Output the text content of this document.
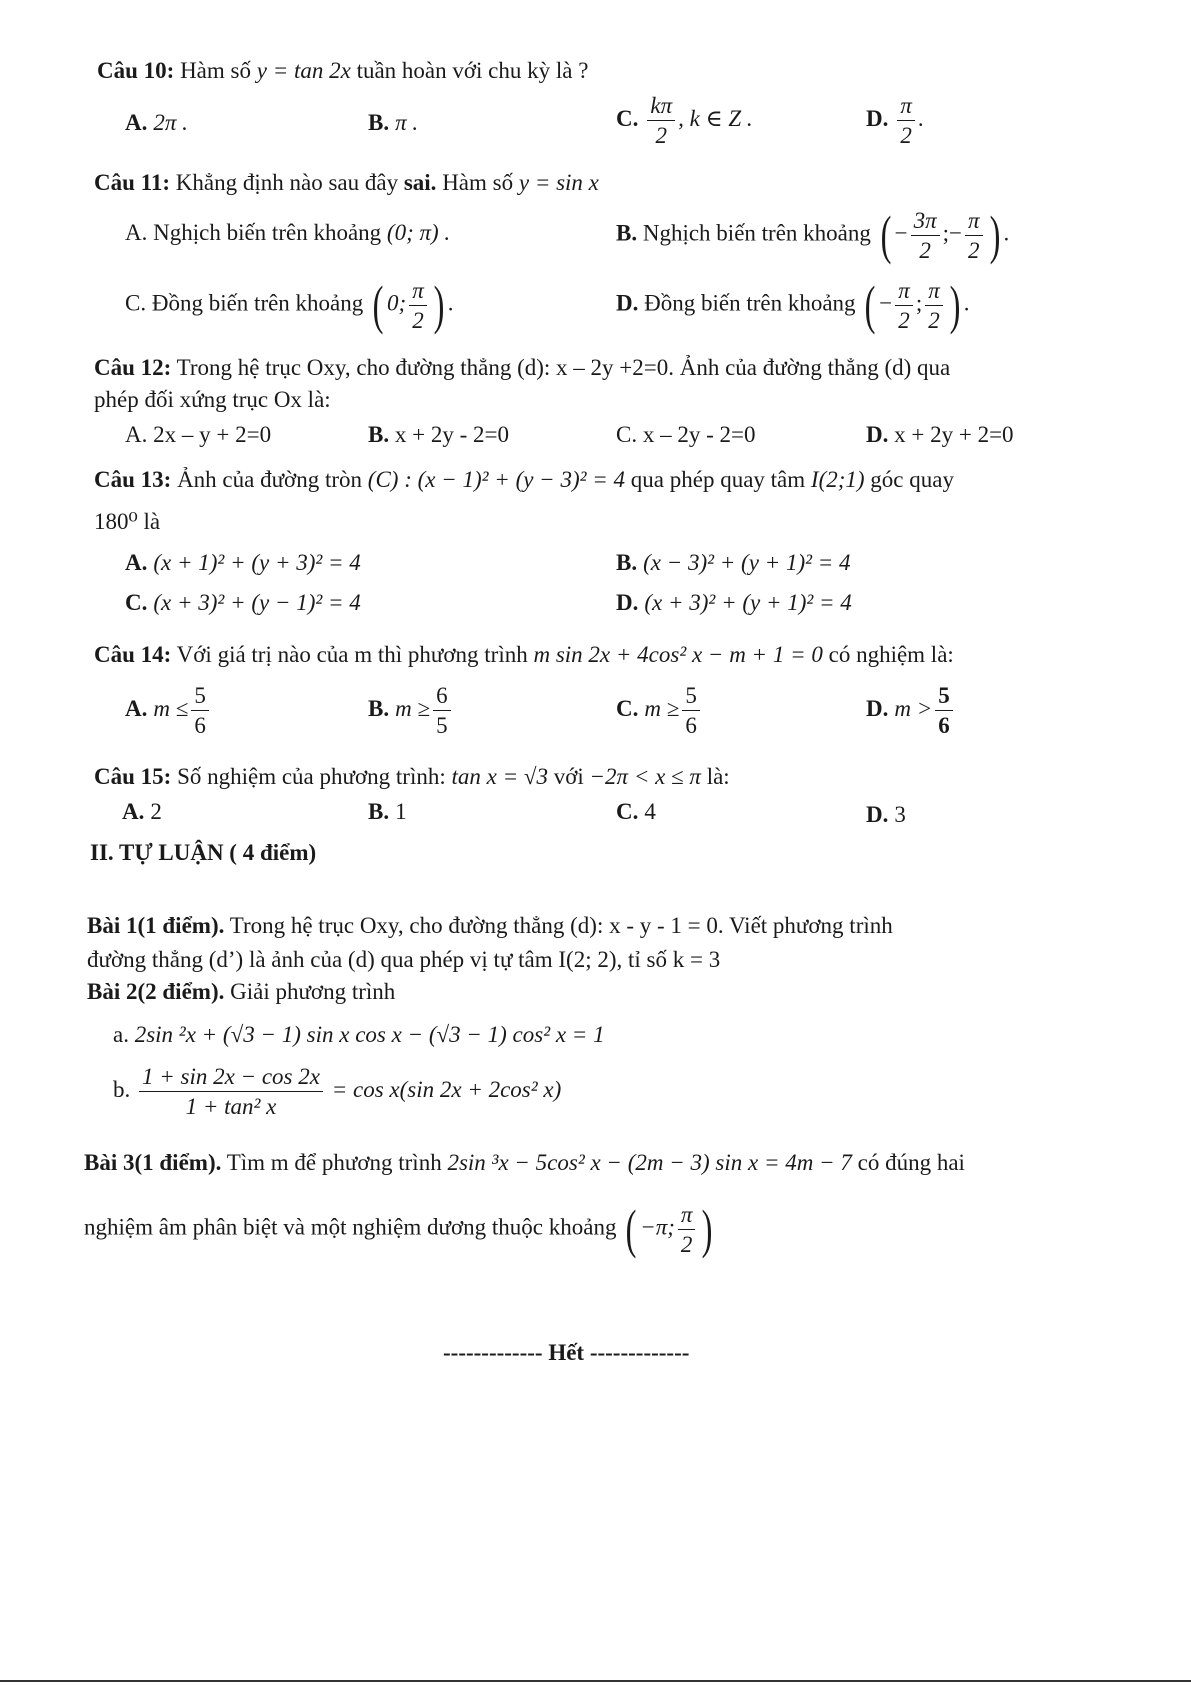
Câu 10: Hàm số y = tan 2x tuần hoàn với chu kỳ là ?
A. 2π .	B. π .	C. $\frac{k\pi}{2}$ , k ∈ Z .	D. $\frac{\pi}{2}$ .
Câu 11: Khẳng định nào sau đây sai. Hàm số y = sin x
A. Nghịch biến trên khoảng (0; π) .	B. Nghịch biến trên khoảng ( − $\frac{3\pi}{2}$ ;− $\frac{\pi}{2}$ ) .
C. Đồng biến trên khoảng ( 0; $\frac{\pi}{2}$ ) .	D. Đồng biến trên khoảng ( − $\frac{\pi}{2}$ ; $\frac{\pi}{2}$ ) .
Câu 12: Trong hệ trục Oxy, cho đường thẳng (d): x – 2y +2=0. Ảnh của đường thẳng (d) qua
phép đối xứng trục Ox là:
A. 2x – y + 2=0	B. x + 2y - 2=0	C. x – 2y - 2=0	D. x + 2y + 2=0
Câu 13: Ảnh của đường tròn (C) : (x − 1)² + (y − 3)² = 4 qua phép quay tâm I(2;1) góc quay
180⁰ là
A. (x + 1)² + (y + 3)² = 4	B. (x − 3)² + (y + 1)² = 4
C. (x + 3)² + (y − 1)² = 4	D. (x + 3)² + (y + 1)² = 4
Câu 14: Với giá trị nào của m thì phương trình m sin 2x + 4cos² x − m + 1 = 0 có nghiệm là:
A. $m \le \frac{5}{6}$	B. $m \ge \frac{6}{5}$	C. $m \ge \frac{5}{6}$	D. $m > \frac{5}{6}$
Câu 15: Số nghiệm của phương trình: tan x = √3 với −2π < x ≤ π là:
A. 2	B. 1	C. 4	D. 3
II. TỰ LUẬN ( 4 điểm)
Bài 1(1 điểm). Trong hệ trục Oxy, cho đường thẳng (d): x - y - 1 = 0. Viết phương trình
đường thẳng (d’) là ảnh của (d) qua phép vị tự tâm I(2; 2), tỉ số k = 3
Bài 2(2 điểm). Giải phương trình
a. 2sin ²x + (√3 − 1) sin x cos x − (√3 − 1) cos² x = 1
b. $\frac{1 + \sin 2x - \cos 2x}{\text{1 + tan² x}} = \cos x(\sin$ 2x + 2cos² x)
Bài 3(1 điểm). Tìm m để phương trình 2sin ³x − 5cos² x − (2m − 3) sin x = 4m − 7 có đúng hai
nghiệm âm phân biệt và một nghiệm dương thuộc khoảng ( −π; $\frac{\pi}{2}$ )
------------- Hết -------------
